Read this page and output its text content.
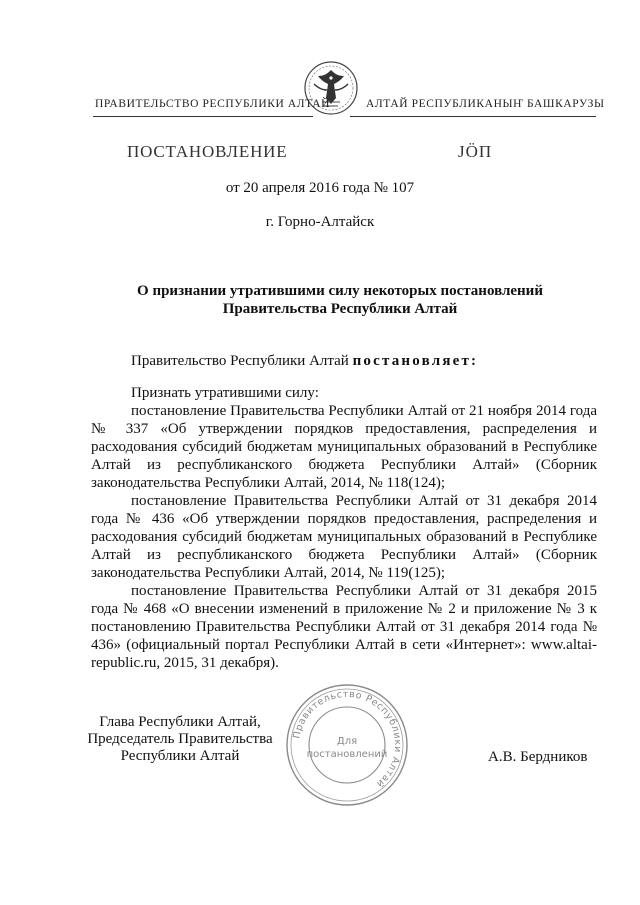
ПРАВИТЕЛЬСТВО РЕСПУБЛИКИ АЛТАЙ	АЛТАЙ РЕСПУБЛИКАНЫҤ БАШКАРУЗЫ
ПОСТАНОВЛЕНИЕ	ЈӦП
от 20 апреля 2016 года № 107
г. Горно-Алтайск
О признании утратившими силу некоторых постановлений
Правительства Республики Алтай
Правительство Республики Алтай постановляет:

Признать утратившими силу:

постановление Правительства Республики Алтай от 21 ноября 2014 года № 337 «Об утверждении порядков предоставления, распределения и расходования субсидий бюджетам муниципальных образований в Республике Алтай из республиканского бюджета Республики Алтай» (Сборник законодательства Республики Алтай, 2014, № 118(124);

постановление Правительства Республики Алтай от 31 декабря 2014 года № 436 «Об утверждении порядков предоставления, распределения и расходования субсидий бюджетам муниципальных образований в Республике Алтай из республиканского бюджета Республики Алтай» (Сборник законодательства Республики Алтай, 2014, № 119(125);

постановление Правительства Республики Алтай от 31 декабря 2015 года № 468 «О внесении изменений в приложение № 2 и приложение № 3 к постановлению Правительства Республики Алтай от 31 декабря 2014 года № 436» (официальный портал Республики Алтай в сети «Интернет»: www.altai-republic.ru, 2015, 31 декабря).

Глава Республики Алтай,
Председатель Правительства
Республики Алтай
Правительство Республики Алтай
Для
постановлений	А.В. Бердников
